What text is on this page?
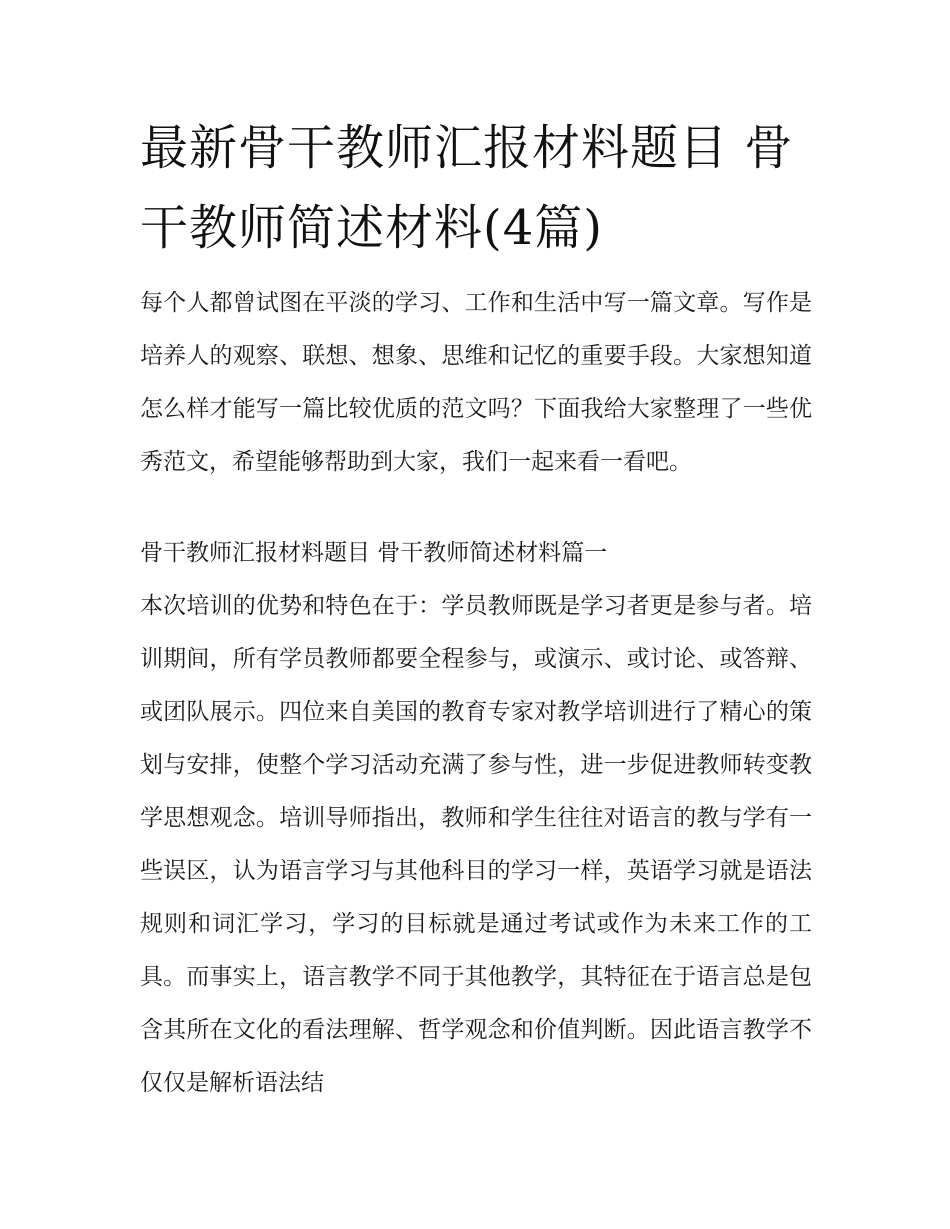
最新骨干教师汇报材料题目 骨干教师简述材料(4篇)

每个人都曾试图在平淡的学习、工作和生活中写一篇文章。写作是培养人的观察、联想、想象、思维和记忆的重要手段。大家想知道怎么样才能写一篇比较优质的范文吗？下面我给大家整理了一些优秀范文，希望能够帮助到大家，我们一起来看一看吧。

骨干教师汇报材料题目 骨干教师简述材料篇一

本次培训的优势和特色在于：学员教师既是学习者更是参与者。培训期间，所有学员教师都要全程参与，或演示、或讨论、或答辩、或团队展示。四位来自美国的教育专家对教学培训进行了精心的策划与安排，使整个学习活动充满了参与性，进一步促进教师转变教学思想观念。培训导师指出，教师和学生往往对语言的教与学有一些误区，认为语言学习与其他科目的学习一样，英语学习就是语法规则和词汇学习，学习的目标就是通过考试或作为未来工作的工具。而事实上，语言教学不同于其他教学，其特征在于语言总是包含其所在文化的看法理解、哲学观念和价值判断。因此语言教学不仅仅是解析语法结
